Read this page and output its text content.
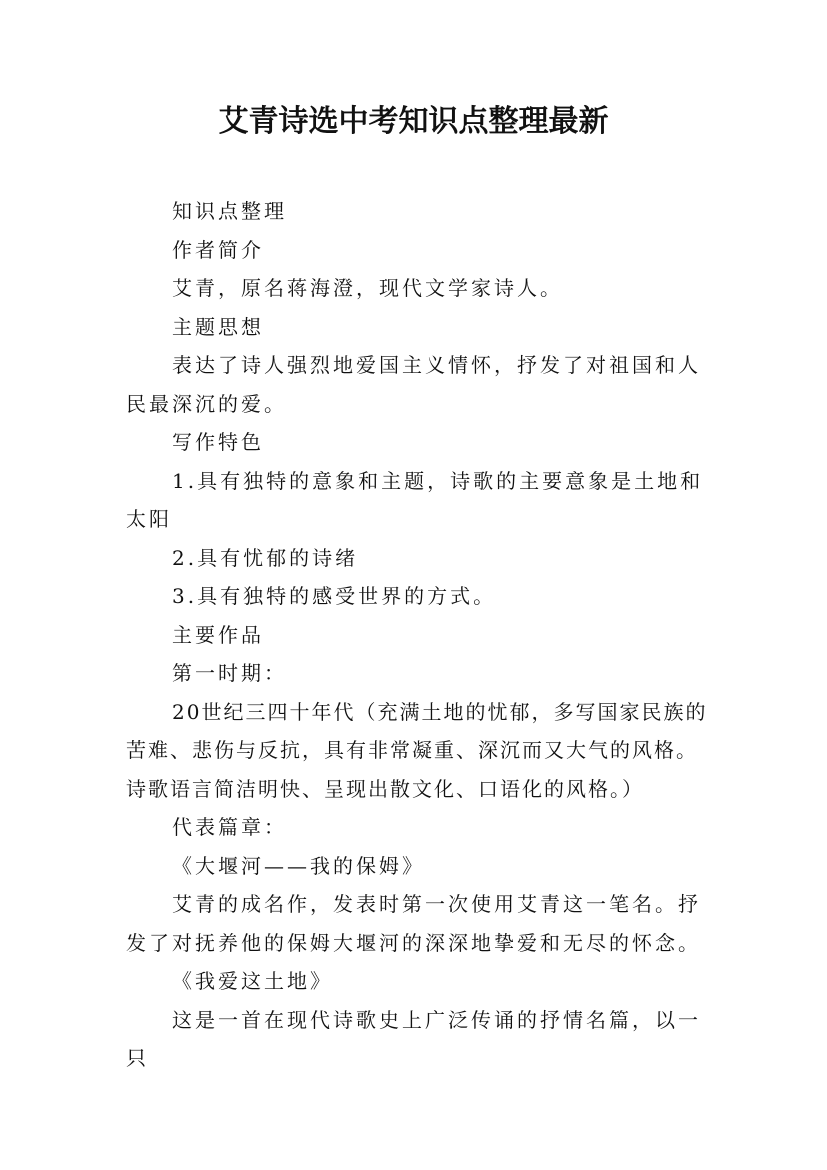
艾青诗选中考知识点整理最新

知识点整理

作者简介

艾青，原名蒋海澄，现代文学家诗人。

主题思想

表达了诗人强烈地爱国主义情怀，抒发了对祖国和人民最深沉的爱。

写作特色

1.具有独特的意象和主题，诗歌的主要意象是土地和太阳

2.具有忧郁的诗绪

3.具有独特的感受世界的方式。

主要作品

第一时期：

20世纪三四十年代（充满土地的忧郁，多写国家民族的苦难、悲伤与反抗，具有非常凝重、深沉而又大气的风格。诗歌语言简洁明快、呈现出散文化、口语化的风格。）

代表篇章：

《大堰河——我的保姆》

艾青的成名作，发表时第一次使用艾青这一笔名。抒发了对抚养他的保姆大堰河的深深地挚爱和无尽的怀念。

《我爱这土地》

这是一首在现代诗歌史上广泛传诵的抒情名篇，以一只
